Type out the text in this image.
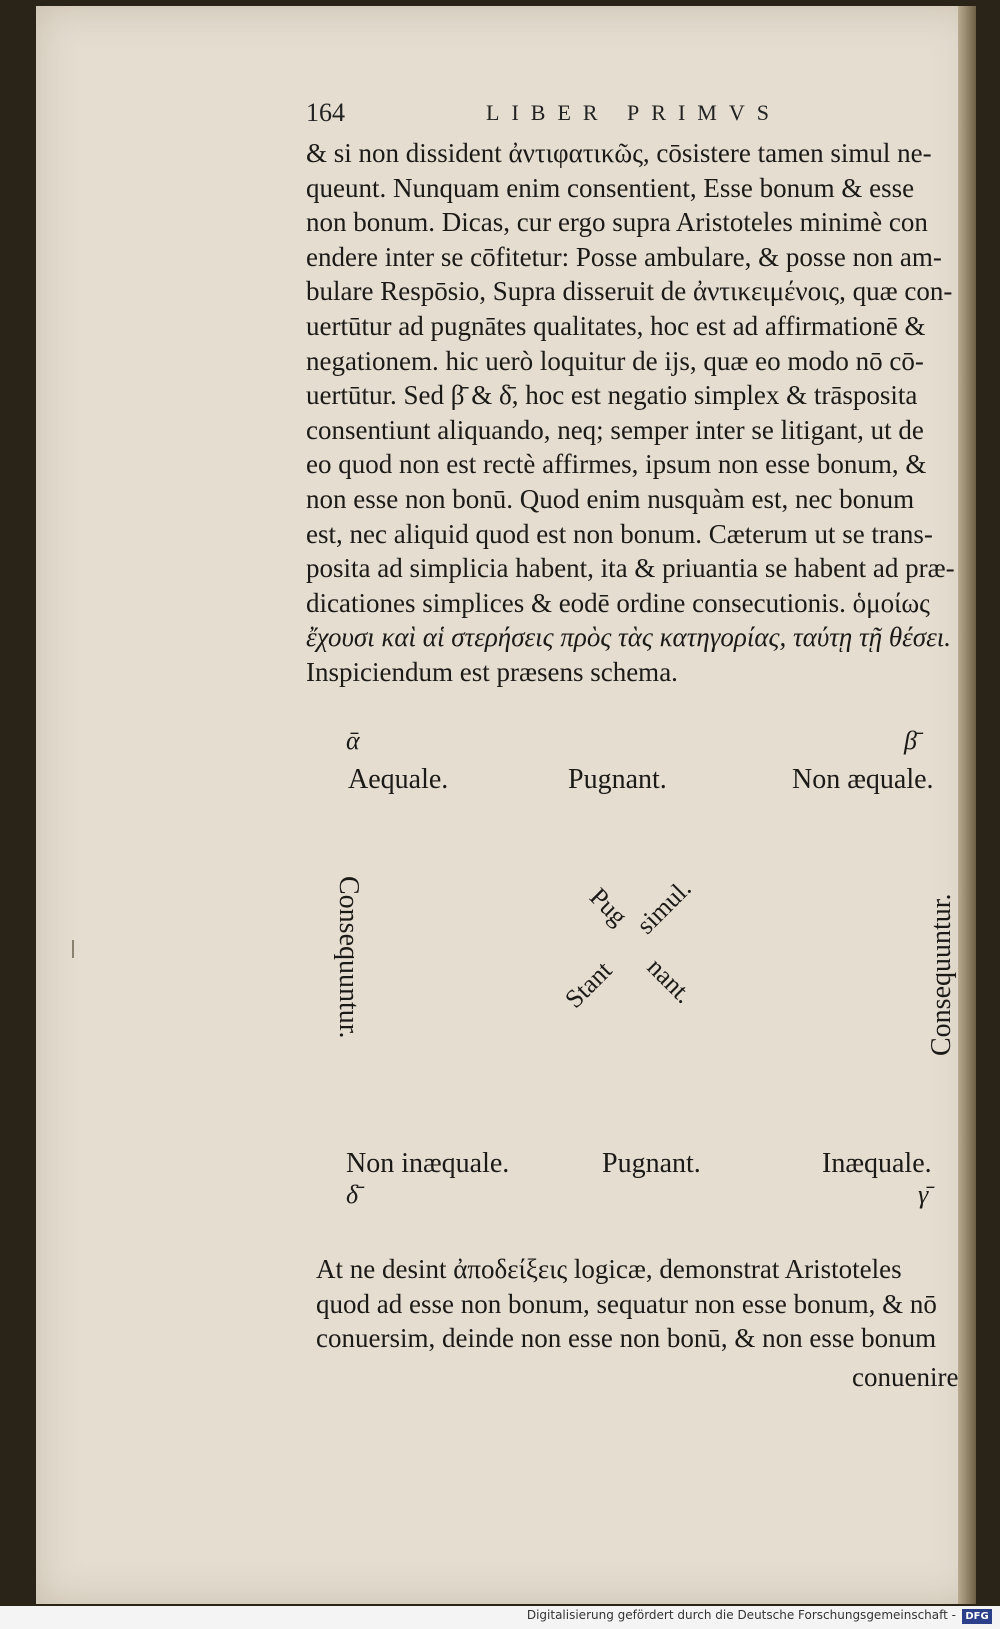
164	LIBER PRIMVS
& si non dissident ἀντιφατικῶς, cōsistere tamen simul ne-
queunt. Nunquam enim consentient, Esse bonum & esse
non bonum. Dicas, cur ergo supra Aristoteles minimè con
endere inter se cōfitetur: Posse ambulare, & posse non am-
bulare Respōsio, Supra disseruit de ἀντικειμένοις, quæ con-
uertūtur ad pugnātes qualitates, hoc est ad affirmationē &
negationem. hic uerò loquitur de ijs, quæ eo modo nō cō-
uertūtur. Sed β̄ & δ̄, hoc est negatio simplex & trāsposita
consentiunt aliquando, neq; semper inter se litigant, ut de
eo quod non est rectè affirmes, ipsum non esse bonum, &
non esse non bonū. Quod enim nusquàm est, nec bonum
est, nec aliquid quod est non bonum. Cæterum ut se trans-
posita ad simplicia habent, ita & priuantia se habent ad præ-
dicationes simplices & eodē ordine consecutionis. ὁμοίως
ἔχουσι καὶ αἱ στερήσεις πρὸς τὰς κατηγορίας, ταύτῃ τῇ θέσει.
Inspiciendum est præsens schema.
ᾱ
Aequale.	Pugnant.
β̄
Non æquale.
Consequuntur.	Consequuntur.
Pug
nant.
Stant
simul.
Non inæquale.
δ̄
Pugnant.	Inæquale.
γ̄
At ne desint ἀποδείξεις logicæ, demonstrat Aristoteles
quod ad esse non bonum, sequatur non esse bonum, & nō
conuersim, deinde non esse non bonū, & non esse bonum
conuenire
Digitalisierung gefördert durch die Deutsche Forschungsgemeinschaft - DFG
